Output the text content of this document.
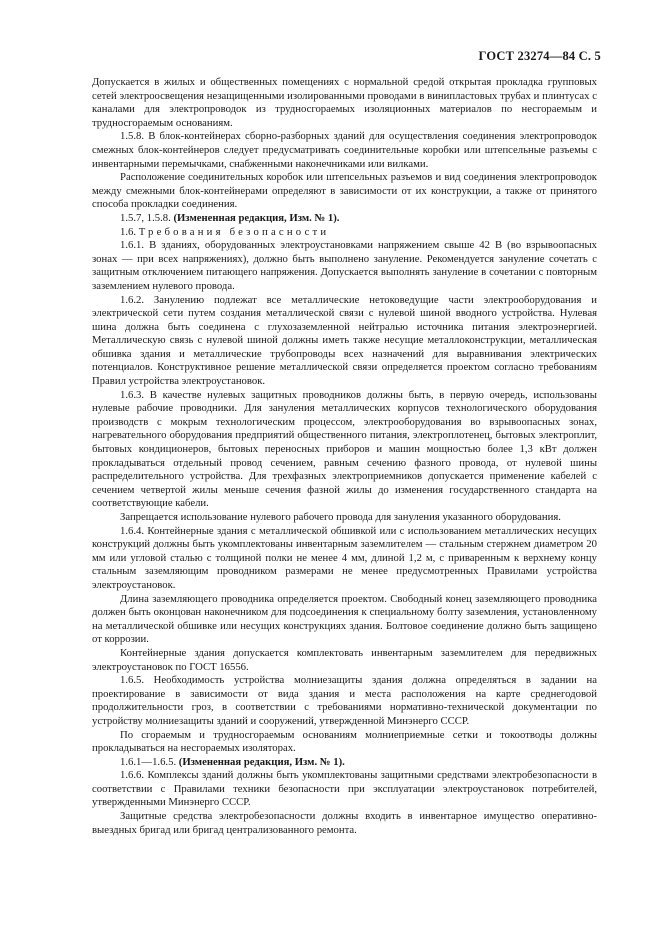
ГОСТ 23274—84 С. 5

Допускается в жилых и общественных помещениях с нормальной средой открытая прокладка групповых сетей электроосвещения незащищенными изолированными проводами в винипластовых трубах и плинтусах с каналами для электропроводок из трудносгораемых изоляционных материалов по несгораемым и трудносгораемым основаниям.

1.5.8. В блок-контейнерах сборно-разборных зданий для осуществления соединения электропроводок смежных блок-контейнеров следует предусматривать соединительные коробки или штепсельные разъемы с инвентарными перемычками, снабженными наконечниками или вилками.

Расположение соединительных коробок или штепсельных разъемов и вид соединения электропроводок между смежными блок-контейнерами определяют в зависимости от их конструкции, а также от принятого способа прокладки соединения.

1.5.7, 1.5.8. (Измененная редакция, Изм. № 1).

1.6. Требования безопасности

1.6.1. В зданиях, оборудованных электроустановками напряжением свыше 42 В (во взрывоопасных зонах — при всех напряжениях), должно быть выполнено зануление. Рекомендуется зануление сочетать с защитным отключением питающего напряжения. Допускается выполнять зануление в сочетании с повторным заземлением нулевого провода.

1.6.2. Занулению подлежат все металлические нетоковедущие части электрооборудования и электрической сети путем создания металлической связи с нулевой шиной вводного устройства. Нулевая шина должна быть соединена с глухозаземленной нейтралью источника питания электроэнергией. Металлическую связь с нулевой шиной должны иметь также несущие металлоконструкции, металлическая обшивка здания и металлические трубопроводы всех назначений для выравнивания электрических потенциалов. Конструктивное решение металлической связи определяется проектом согласно требованиям Правил устройства электроустановок.

1.6.3. В качестве нулевых защитных проводников должны быть, в первую очередь, использованы нулевые рабочие проводники. Для зануления металлических корпусов технологического оборудования производств с мокрым технологическим процессом, электрооборудования во взрывоопасных зонах, нагревательного оборудования предприятий общественного питания, электроплотенец, бытовых электроплит, бытовых кондиционеров, бытовых переносных приборов и машин мощностью более 1,3 кВт должен прокладываться отдельный провод сечением, равным сечению фазного провода, от нулевой шины распределительного устройства. Для трехфазных электроприемников допускается применение кабелей с сечением четвертой жилы меньше сечения фазной жилы до изменения государственного стандарта на соответствующие кабели.

Запрещается использование нулевого рабочего провода для зануления указанного оборудования.

1.6.4. Контейнерные здания с металлической обшивкой или с использованием металлических несущих конструкций должны быть укомплектованы инвентарным заземлителем — стальным стержнем диаметром 20 мм или угловой сталью с толщиной полки не менее 4 мм, длиной 1,2 м, с приваренным к верхнему концу стальным заземляющим проводником размерами не менее предусмотренных Правилами устройства электроустановок.

Длина заземляющего проводника определяется проектом. Свободный конец заземляющего проводника должен быть оконцован наконечником для подсоединения к специальному болту заземления, установленному на металлической обшивке или несущих конструкциях здания. Болтовое соединение должно быть защищено от коррозии.

Контейнерные здания допускается комплектовать инвентарным заземлителем для передвижных электроустановок по ГОСТ 16556.

1.6.5. Необходимость устройства молниезащиты здания должна определяться в задании на проектирование в зависимости от вида здания и места расположения на карте среднегодовой продолжительности гроз, в соответствии с требованиями нормативно-технической документации по устройству молниезащиты зданий и сооружений, утвержденной Минэнерго СССР.

По сгораемым и трудносгораемым основаниям молниеприемные сетки и токоотводы должны прокладываться на несгораемых изоляторах.

1.6.1—1.6.5. (Измененная редакция, Изм. № 1).

1.6.6. Комплексы зданий должны быть укомплектованы защитными средствами электробезопасности в соответствии с Правилами техники безопасности при эксплуатации электроустановок потребителей, утвержденными Минэнерго СССР.

Защитные средства электробезопасности должны входить в инвентарное имущество оперативно-выездных бригад или бригад централизованного ремонта.
